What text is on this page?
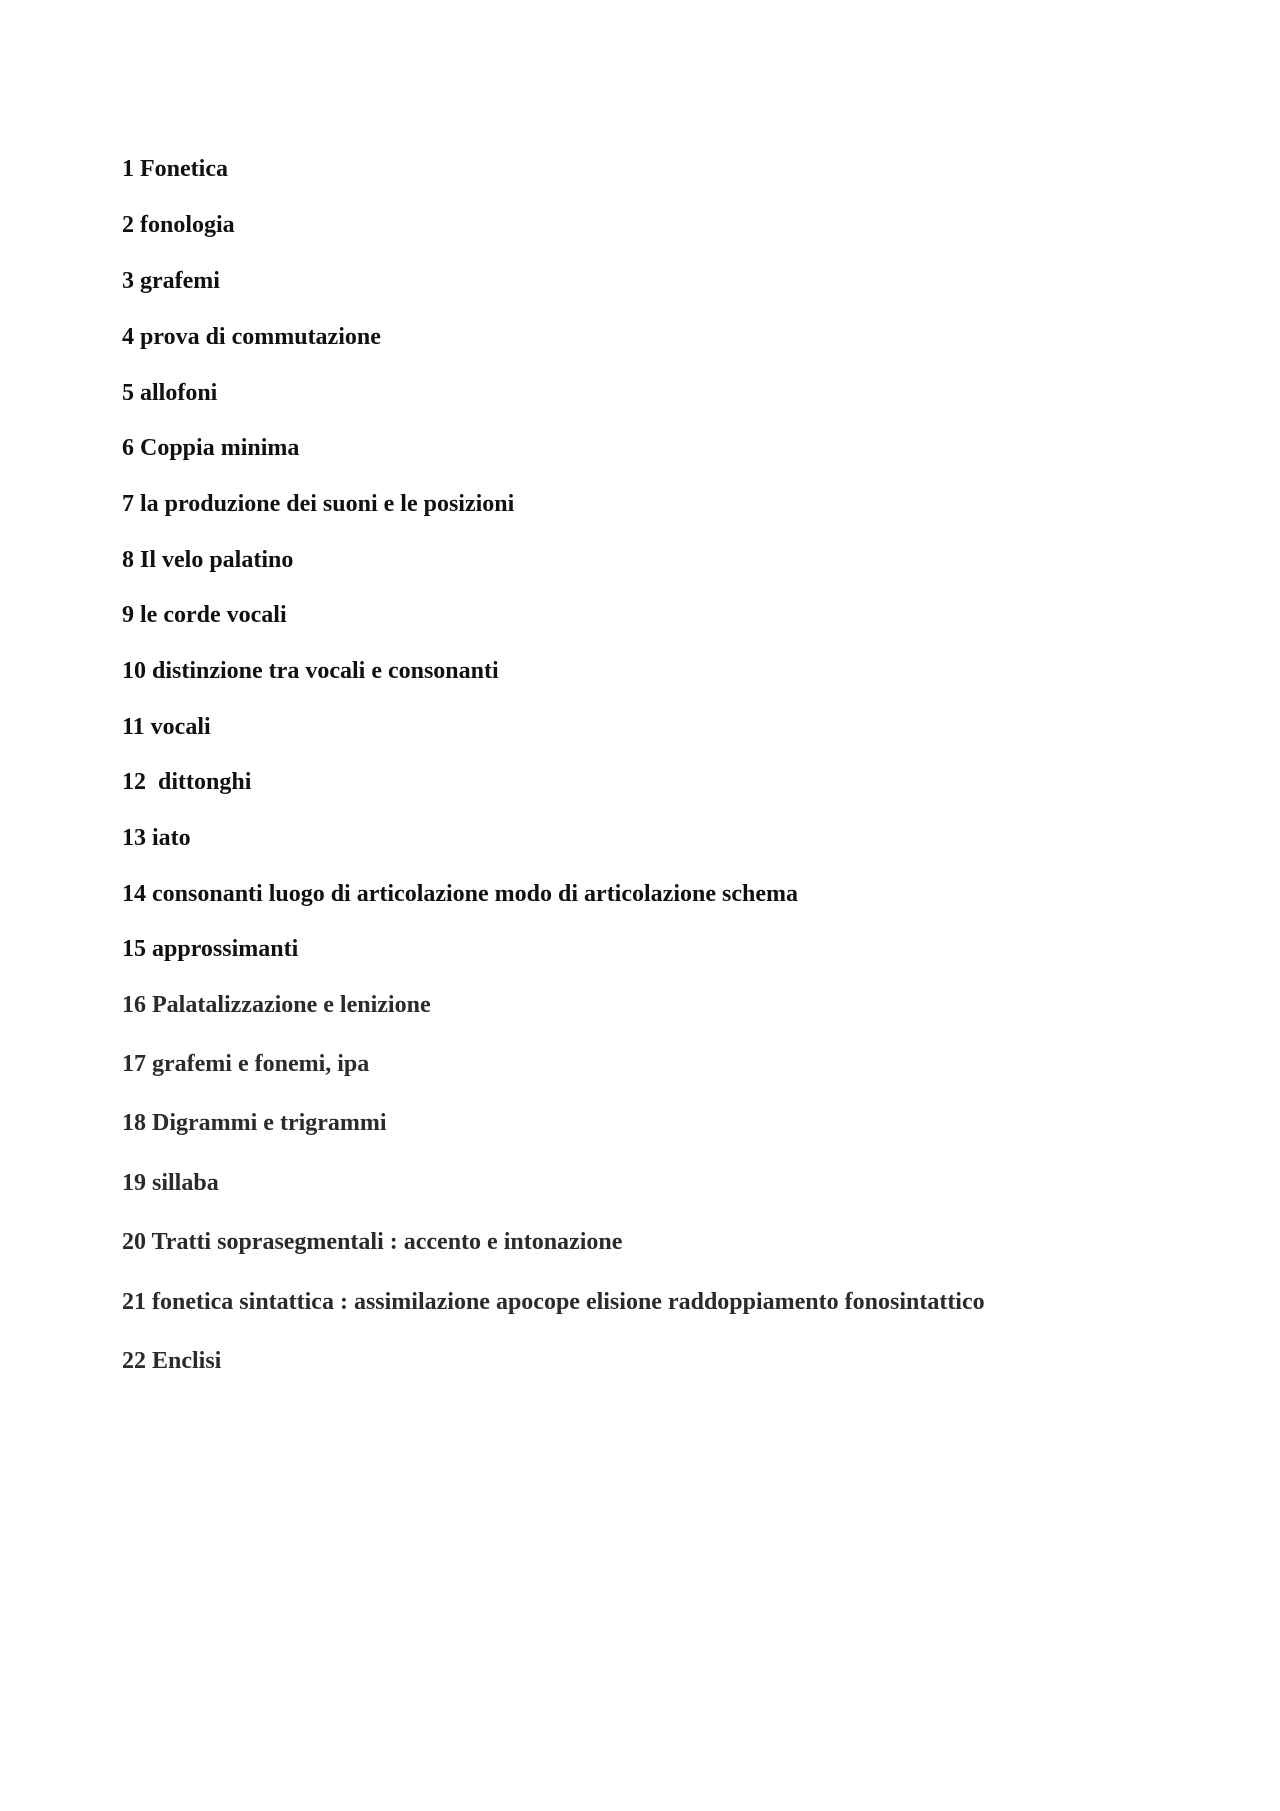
1 Fonetica
2 fonologia
3 grafemi
4 prova di commutazione
5 allofoni
6 Coppia minima
7 la produzione dei suoni e le posizioni
8 Il velo palatino
9 le corde vocali
10 distinzione tra vocali e consonanti
11 vocali
12  dittonghi
13 iato
14 consonanti luogo di articolazione modo di articolazione schema
15 approssimanti
16 Palatalizzazione e lenizione
17 grafemi e fonemi, ipa
18 Digrammi e trigrammi
19 sillaba
20 Tratti soprasegmentali : accento e intonazione
21 fonetica sintattica : assimilazione apocope elisione raddoppiamento fonosintattico
22 Enclisi
